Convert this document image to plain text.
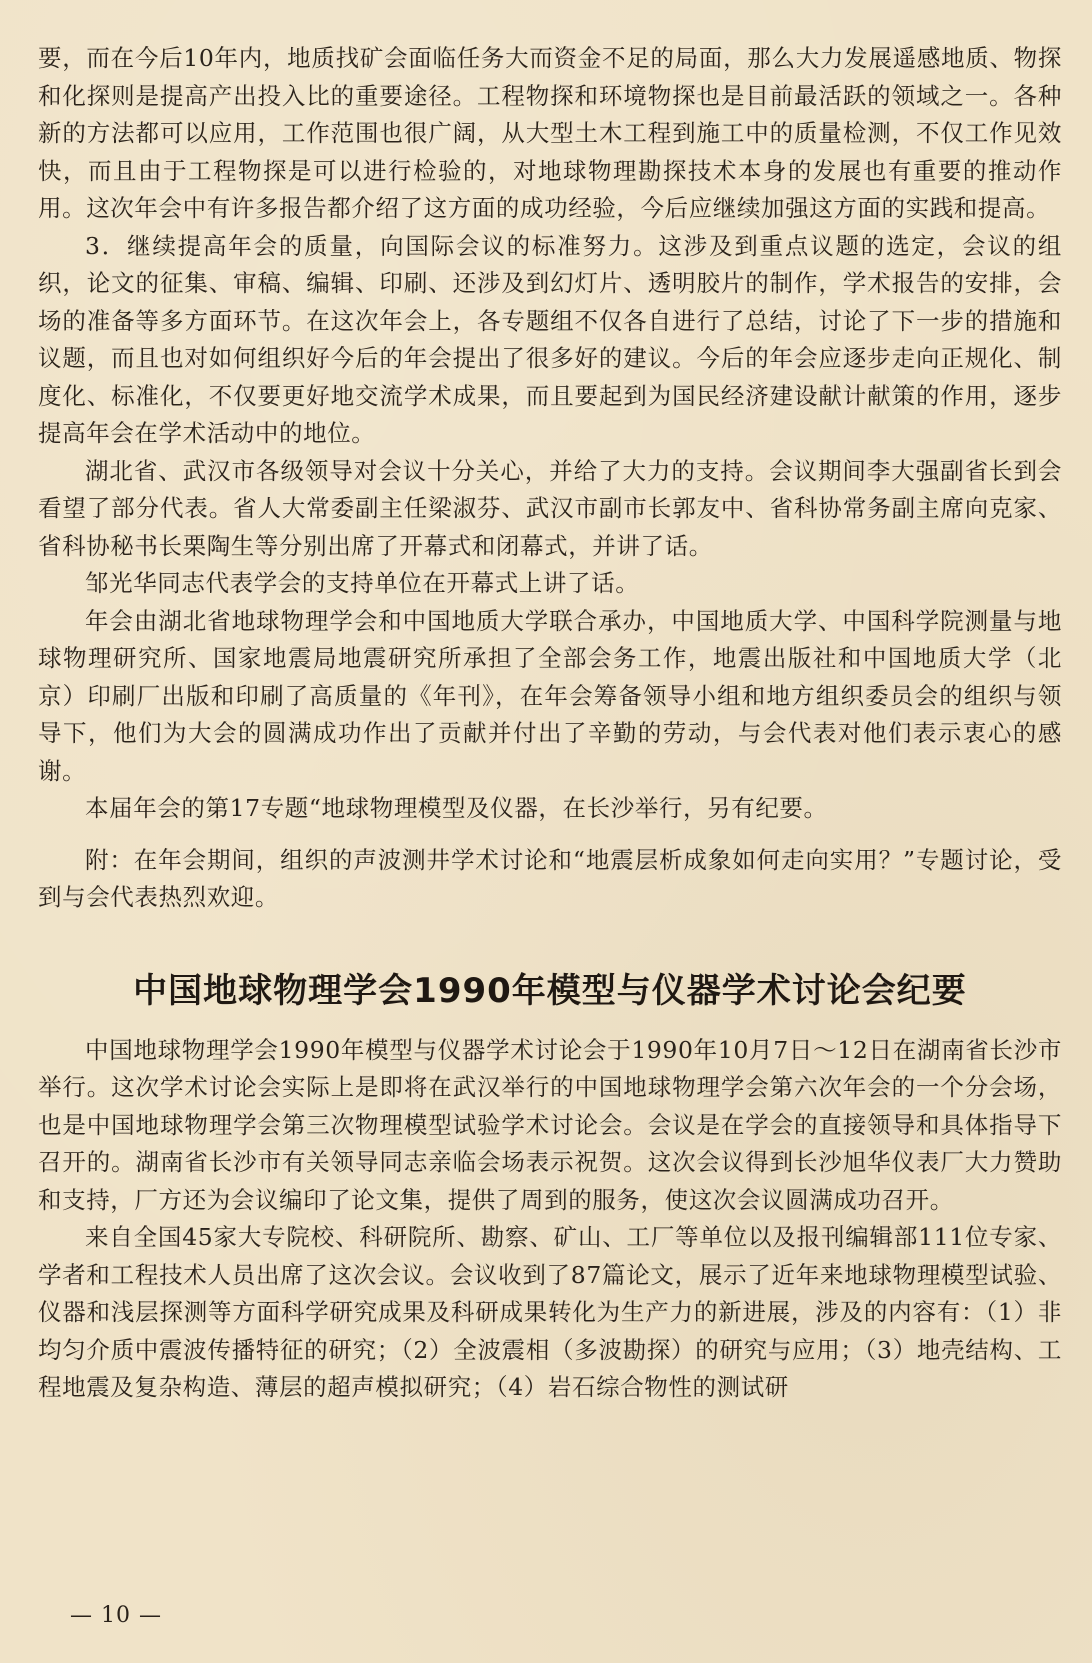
要，而在今后10年内，地质找矿会面临任务大而资金不足的局面，那么大力发展遥感地质、物探和化探则是提高产出投入比的重要途径。工程物探和环境物探也是目前最活跃的领域之一。各种新的方法都可以应用，工作范围也很广阔，从大型土木工程到施工中的质量检测，不仅工作见效快，而且由于工程物探是可以进行检验的，对地球物理勘探技术本身的发展也有重要的推动作用。这次年会中有许多报告都介绍了这方面的成功经验，今后应继续加强这方面的实践和提高。

3．继续提高年会的质量，向国际会议的标准努力。这涉及到重点议题的选定，会议的组织，论文的征集、审稿、编辑、印刷、还涉及到幻灯片、透明胶片的制作，学术报告的安排，会场的准备等多方面环节。在这次年会上，各专题组不仅各自进行了总结，讨论了下一步的措施和议题，而且也对如何组织好今后的年会提出了很多好的建议。今后的年会应逐步走向正规化、制度化、标准化，不仅要更好地交流学术成果，而且要起到为国民经济建设献计献策的作用，逐步提高年会在学术活动中的地位。

湖北省、武汉市各级领导对会议十分关心，并给了大力的支持。会议期间李大强副省长到会看望了部分代表。省人大常委副主任梁淑芬、武汉市副市长郭友中、省科协常务副主席向克家、省科协秘书长栗陶生等分别出席了开幕式和闭幕式，并讲了话。

邹光华同志代表学会的支持单位在开幕式上讲了话。

年会由湖北省地球物理学会和中国地质大学联合承办，中国地质大学、中国科学院测量与地球物理研究所、国家地震局地震研究所承担了全部会务工作，地震出版社和中国地质大学（北京）印刷厂出版和印刷了高质量的《年刊》，在年会筹备领导小组和地方组织委员会的组织与领导下，他们为大会的圆满成功作出了贡献并付出了辛勤的劳动，与会代表对他们表示衷心的感谢。

本届年会的第17专题“地球物理模型及仪器，在长沙举行，另有纪要。

附：在年会期间，组织的声波测井学术讨论和“地震层析成象如何走向实用？”专题讨论，受到与会代表热烈欢迎。

中国地球物理学会1990年模型与仪器学术讨论会纪要

中国地球物理学会1990年模型与仪器学术讨论会于1990年10月7日～12日在湖南省长沙市举行。这次学术讨论会实际上是即将在武汉举行的中国地球物理学会第六次年会的一个分会场，也是中国地球物理学会第三次物理模型试验学术讨论会。会议是在学会的直接领导和具体指导下召开的。湖南省长沙市有关领导同志亲临会场表示祝贺。这次会议得到长沙旭华仪表厂大力赞助和支持，厂方还为会议编印了论文集，提供了周到的服务，使这次会议圆满成功召开。

来自全国45家大专院校、科研院所、勘察、矿山、工厂等单位以及报刊编辑部111位专家、学者和工程技术人员出席了这次会议。会议收到了87篇论文，展示了近年来地球物理模型试验、仪器和浅层探测等方面科学研究成果及科研成果转化为生产力的新进展，涉及的内容有：（1）非均匀介质中震波传播特征的研究；（2）全波震相（多波勘探）的研究与应用；（3）地壳结构、工程地震及复杂构造、薄层的超声模拟研究；（4）岩石综合物性的测试研

— 10 —
